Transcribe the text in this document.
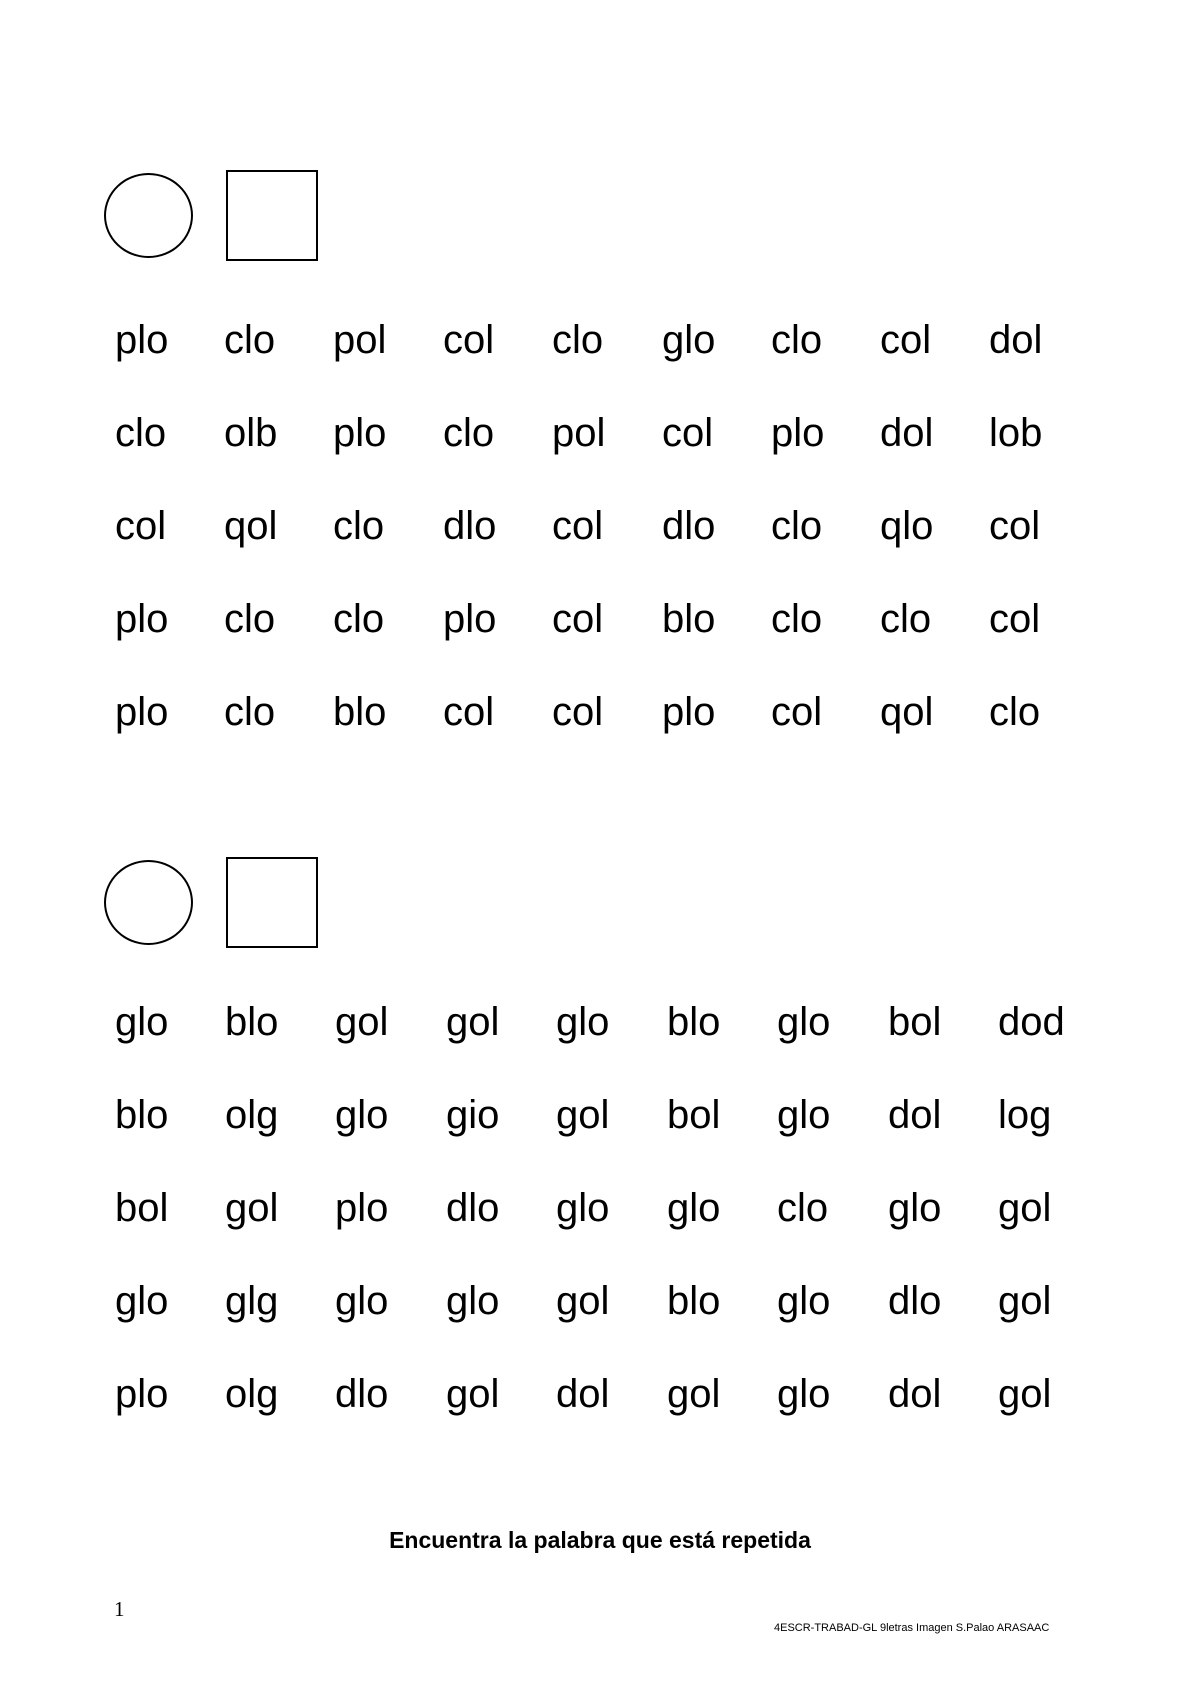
plo clo pol col clo glo clo col dol
clo olb plo clo pol col plo dol lob
col qol clo dlo col dlo clo qlo col
plo clo clo plo col blo clo clo col
plo clo blo col col plo col qol clo
glo blo gol gol glo blo glo bol dod
blo olg glo gio gol bol glo dol log
bol gol plo dlo glo glo clo glo gol
glo glg glo glo gol blo glo dlo gol
plo olg dlo gol dol gol glo dol gol
Encuentra la palabra que está repetida
1
4ESCR-TRABAD-GL 9letras Imagen S.Palao ARASAAC
